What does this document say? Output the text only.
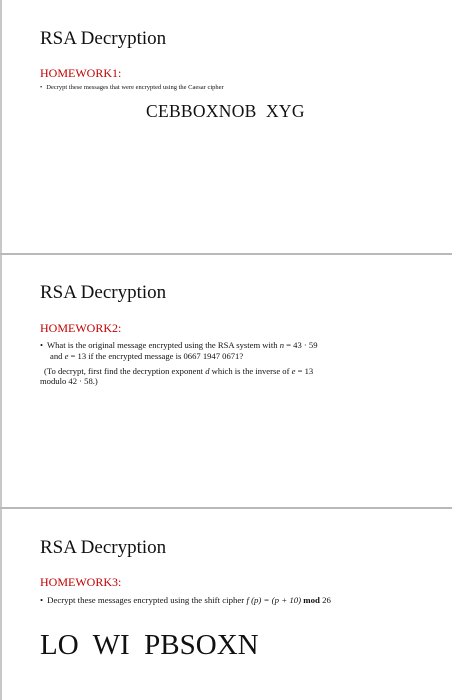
RSA Decryption
HOMEWORK1:
• Decrypt these messages that were encrypted using the Caesar cipher
CEBBOXNOB  XYG
RSA Decryption
HOMEWORK2:
• What is the original message encrypted using the RSA system with n = 43 · 59
and e = 13 if the encrypted message is 0667 1947 0671?
(To decrypt, first find the decryption exponent d which is the inverse of e = 13
modulo 42 · 58.)
RSA Decryption
HOMEWORK3:
• Decrypt these messages encrypted using the shift cipher f (p) = (p + 10) mod 26
LO  WI  PBSOXN
